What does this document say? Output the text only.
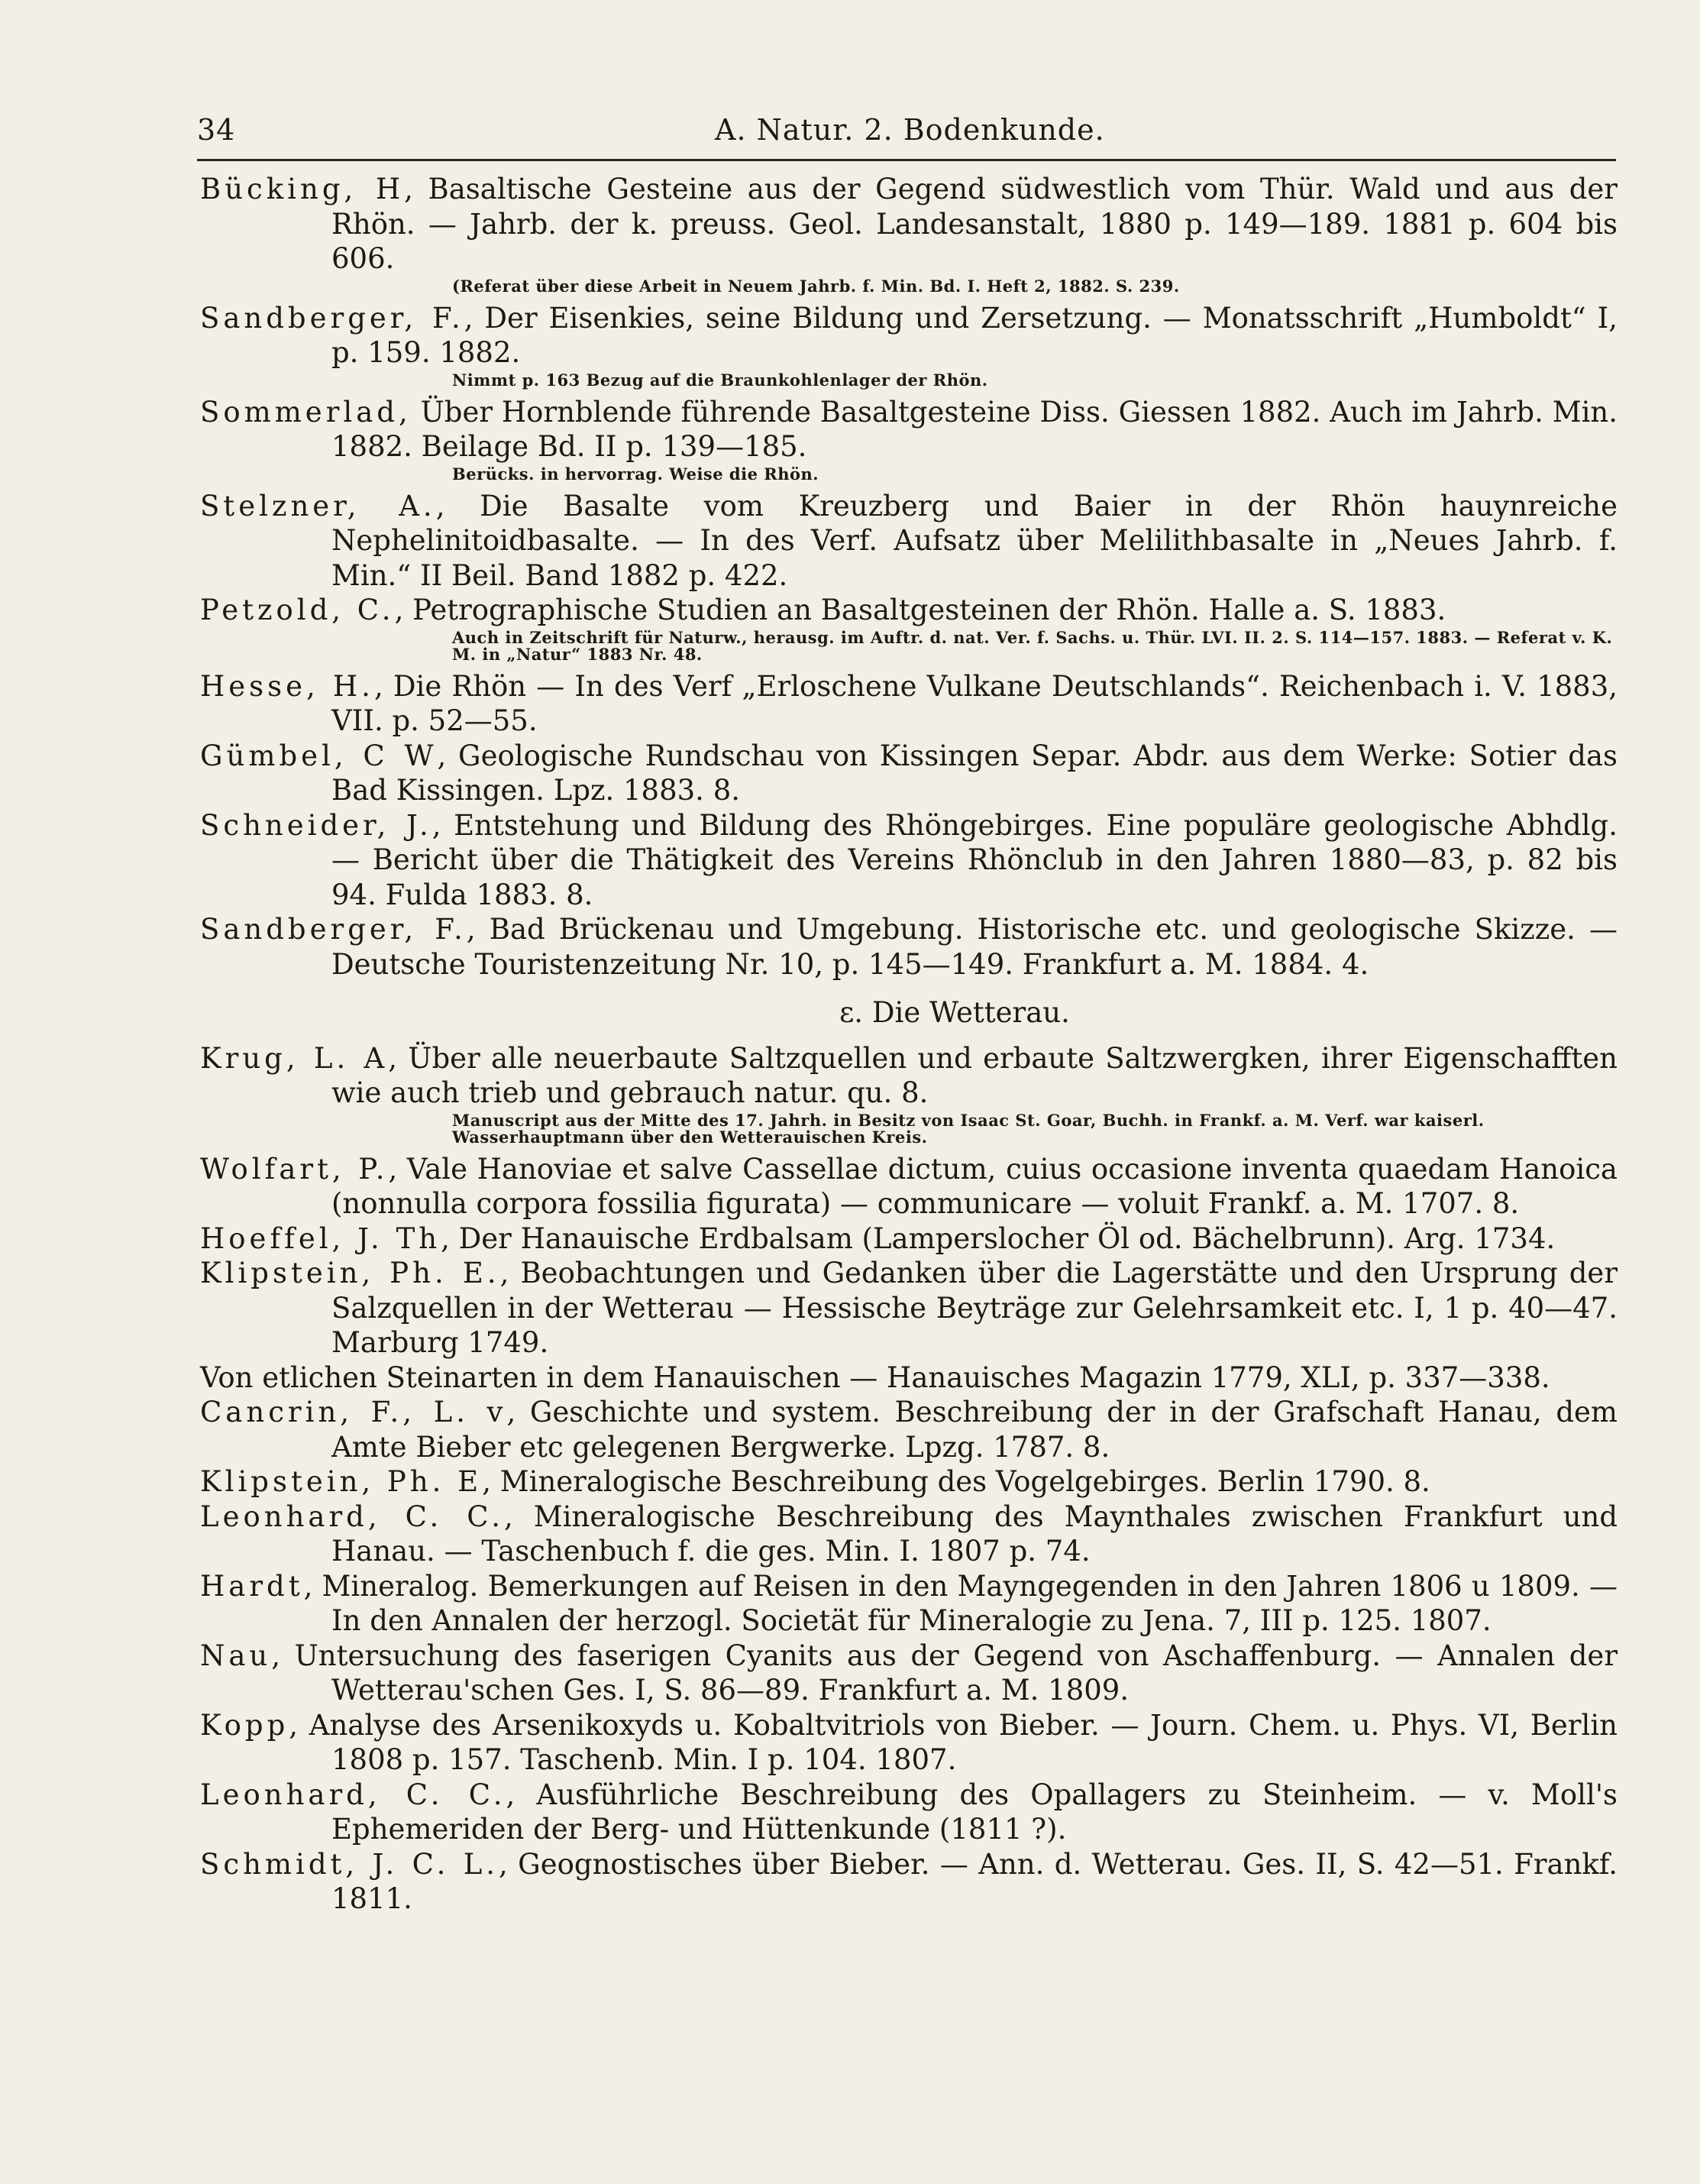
34	A. Natur. 2. Bodenkunde.

Bücking, H, Basaltische Gesteine aus der Gegend südwestlich vom Thür. Wald und aus der Rhön. — Jahrb. der k. preuss. Geol. Landesanstalt, 1880 p. 149—189. 1881 p. 604 bis 606.

(Referat über diese Arbeit in Neuem Jahrb. f. Min. Bd. I. Heft 2, 1882. S. 239.

Sandberger, F., Der Eisenkies, seine Bildung und Zersetzung. — Monatsschrift „Humboldt“ I, p. 159. 1882.

Nimmt p. 163 Bezug auf die Braunkohlenlager der Rhön.

Sommerlad, Über Hornblende führende Basaltgesteine Diss. Giessen 1882. Auch im Jahrb. Min. 1882. Beilage Bd. II p. 139—185.

Berücks. in hervorrag. Weise die Rhön.

Stelzner, A., Die Basalte vom Kreuzberg und Baier in der Rhön hauynreiche Nephelinitoidbasalte. — In des Verf. Aufsatz über Melilithbasalte in „Neues Jahrb. f. Min.“ II Beil. Band 1882 p. 422.

Petzold, C., Petrographische Studien an Basaltgesteinen der Rhön. Halle a. S. 1883.

Auch in Zeitschrift für Naturw., herausg. im Auftr. d. nat. Ver. f. Sachs. u. Thür. LVI. II. 2. S. 114—157. 1883. — Referat v. K. M. in „Natur“ 1883 Nr. 48.

Hesse, H., Die Rhön — In des Verf „Erloschene Vulkane Deutschlands“. Reichenbach i. V. 1883, VII. p. 52—55.

Gümbel, C W, Geologische Rundschau von Kissingen Separ. Abdr. aus dem Werke: Sotier das Bad Kissingen. Lpz. 1883. 8.

Schneider, J., Entstehung und Bildung des Rhöngebirges. Eine populäre geologische Abhdlg. — Bericht über die Thätigkeit des Vereins Rhönclub in den Jahren 1880—83, p. 82 bis 94. Fulda 1883. 8.

Sandberger, F., Bad Brückenau und Umgebung. Historische etc. und geologische Skizze. — Deutsche Touristenzeitung Nr. 10, p. 145—149. Frankfurt a. M. 1884. 4.

ε. Die Wetterau.

Krug, L. A, Über alle neuerbaute Saltzquellen und erbaute Saltzwergken, ihrer Eigenschafften wie auch trieb und gebrauch natur. qu. 8.

Manuscript aus der Mitte des 17. Jahrh. in Besitz von Isaac St. Goar, Buchh. in Frankf. a. M. Verf. war kaiserl. Wasserhauptmann über den Wetterauischen Kreis.

Wolfart, P., Vale Hanoviae et salve Cassellae dictum, cuius occasione inventa quaedam Hanoica (nonnulla corpora fossilia figurata) — communicare — voluit Frankf. a. M. 1707. 8.

Hoeffel, J. Th, Der Hanauische Erdbalsam (Lamperslocher Öl od. Bächelbrunn). Arg. 1734.

Klipstein, Ph. E., Beobachtungen und Gedanken über die Lagerstätte und den Ursprung der Salzquellen in der Wetterau — Hessische Beyträge zur Gelehrsamkeit etc. I, 1 p. 40—47. Marburg 1749.

Von etlichen Steinarten in dem Hanauischen — Hanauisches Magazin 1779, XLI, p. 337—338.

Cancrin, F., L. v, Geschichte und system. Beschreibung der in der Grafschaft Hanau, dem Amte Bieber etc gelegenen Bergwerke. Lpzg. 1787. 8.

Klipstein, Ph. E, Mineralogische Beschreibung des Vogelgebirges. Berlin 1790. 8.

Leonhard, C. C., Mineralogische Beschreibung des Maynthales zwischen Frankfurt und Hanau. — Taschenbuch f. die ges. Min. I. 1807 p. 74.

Hardt, Mineralog. Bemerkungen auf Reisen in den Mayngegenden in den Jahren 1806 u 1809. — In den Annalen der herzogl. Societät für Mineralogie zu Jena. 7, III p. 125. 1807.

Nau, Untersuchung des faserigen Cyanits aus der Gegend von Aschaffenburg. — Annalen der Wetterau'schen Ges. I, S. 86—89. Frankfurt a. M. 1809.

Kopp, Analyse des Arsenikoxyds u. Kobaltvitriols von Bieber. — Journ. Chem. u. Phys. VI, Berlin 1808 p. 157. Taschenb. Min. I p. 104. 1807.

Leonhard, C. C., Ausführliche Beschreibung des Opallagers zu Steinheim. — v. Moll's Ephemeriden der Berg- und Hüttenkunde (1811 ?).

Schmidt, J. C. L., Geognostisches über Bieber. — Ann. d. Wetterau. Ges. II, S. 42—51. Frankf. 1811.
